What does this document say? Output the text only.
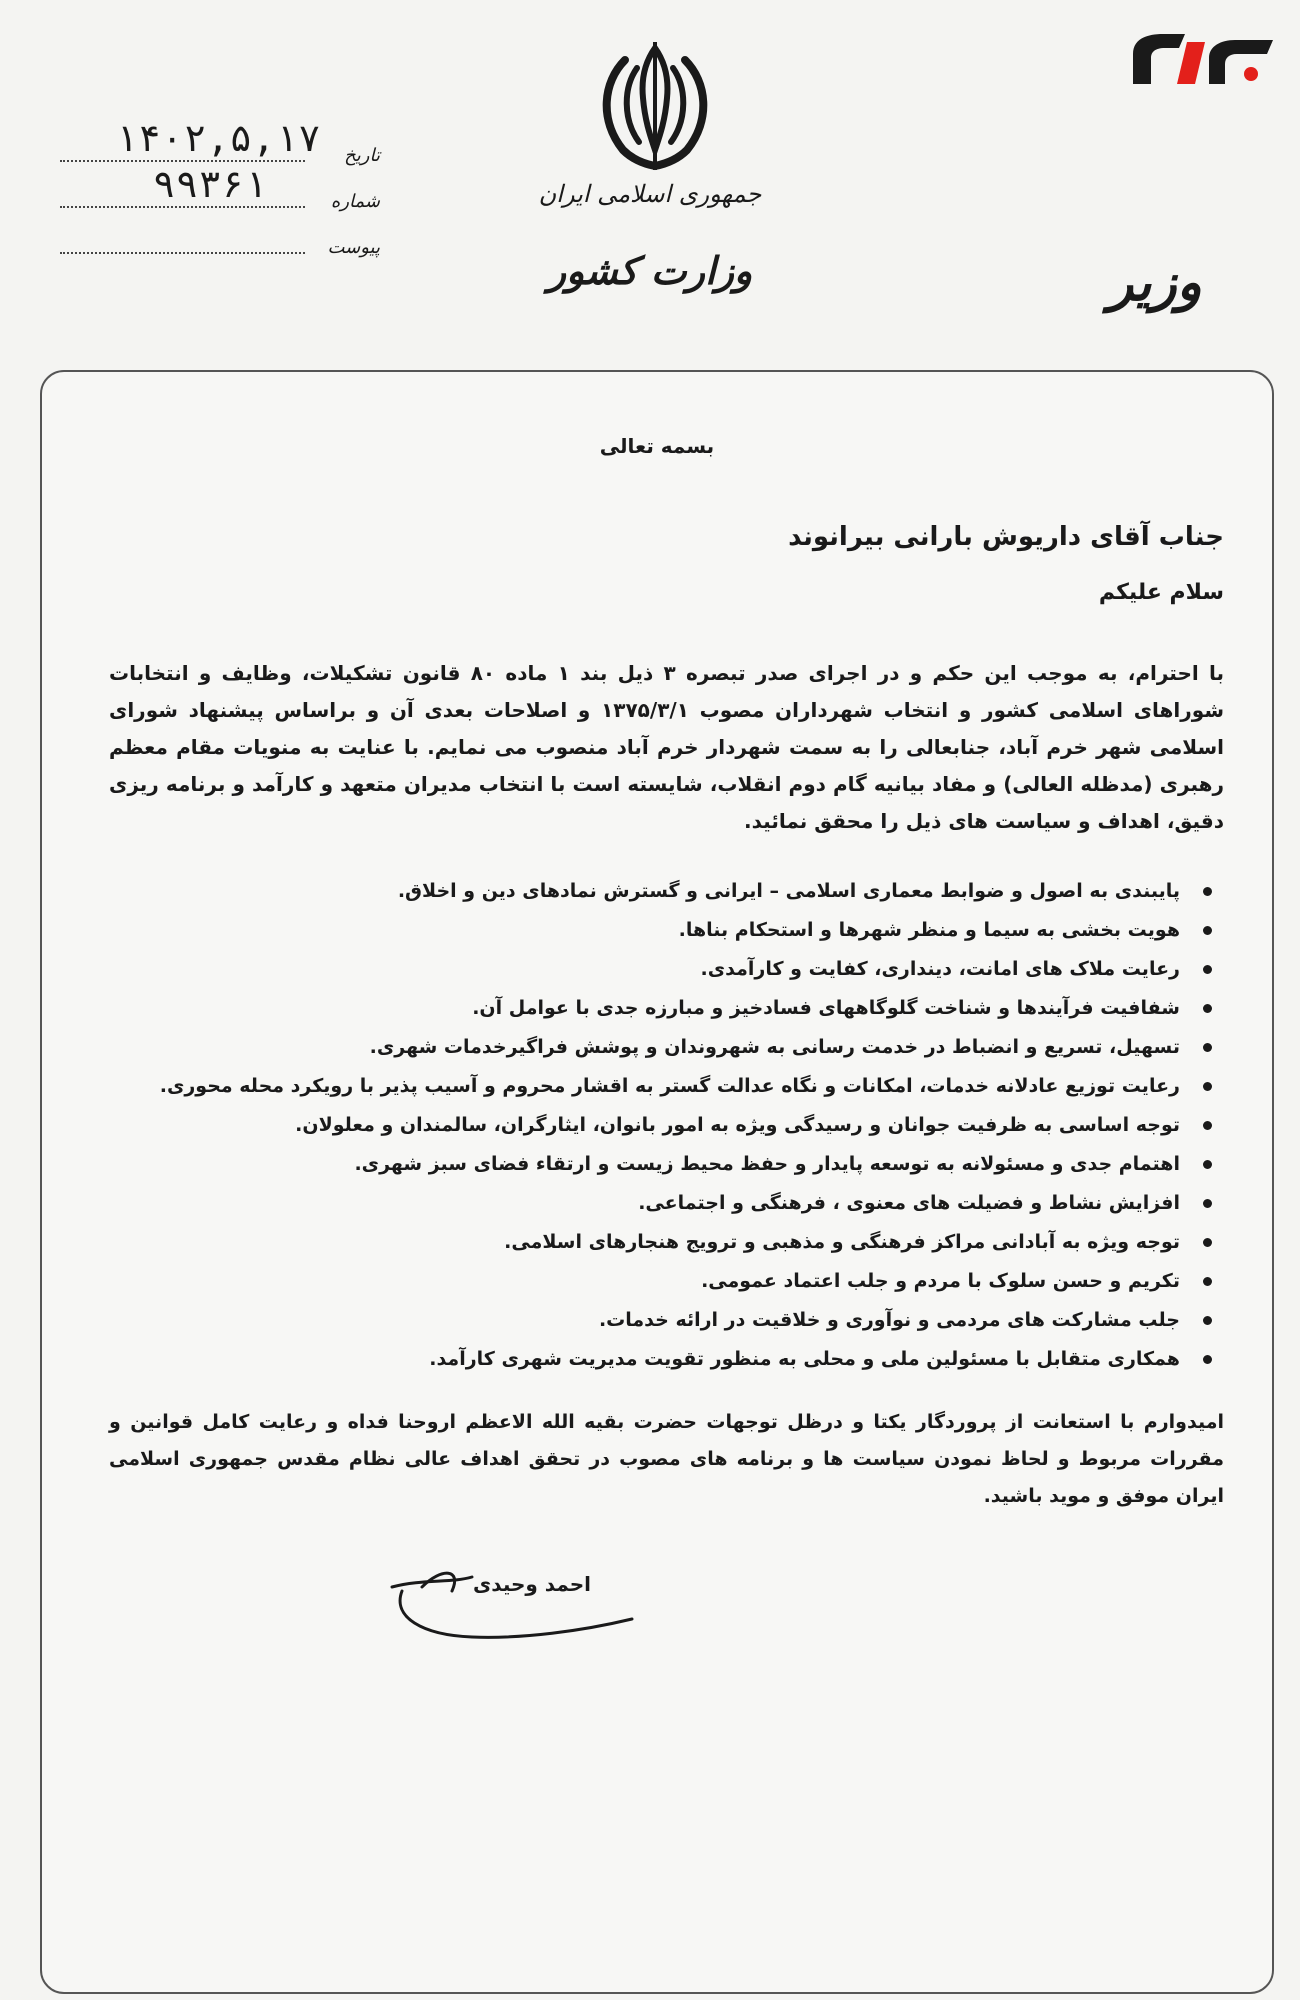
جمهوری اسلامی ایران
وزارت کشور	وزیر
۱۴۰۲,۵,۱۷	تاریخ
۹۹۳۶۱	شماره
پیوست
بسمه تعالی
جناب آقای داریوش بارانی بیرانوند
سلام علیکم
با احترام، به موجب این حکم و در اجرای صدر تبصره ۳ ذیل بند ۱ ماده ۸۰ قانون تشکیلات، وظایف و انتخابات شوراهای اسلامی کشور و انتخاب شهرداران مصوب ۱۳۷۵/۳/۱ و اصلاحات بعدی آن و براساس پیشنهاد شورای اسلامی شهر خرم آباد، جنابعالی را به سمت شهردار خرم آباد منصوب می نمایم. با عنایت به منویات مقام معظم رهبری (مدظله العالی) و مفاد بیانیه گام دوم انقلاب، شایسته است با انتخاب مدیران متعهد و کارآمد و برنامه ریزی دقیق، اهداف و سیاست های ذیل را محقق نمائید.
پایبندی به اصول و ضوابط معماری اسلامی – ایرانی و گسترش نمادهای دین و اخلاق.
هویت بخشی به سیما و منظر شهرها و استحکام بناها.
رعایت ملاک های امانت، دینداری، کفایت و کارآمدی.
شفافیت فرآیندها و شناخت گلوگاههای فسادخیز و مبارزه جدی با عوامل آن.
تسهیل، تسریع و انضباط در خدمت رسانی به شهروندان و پوشش فراگیرخدمات شهری.
رعایت توزیع عادلانه خدمات، امکانات و نگاه عدالت گستر به اقشار محروم و آسیب پذیر با رویکرد محله محوری.
توجه اساسی به ظرفیت جوانان و رسیدگی ویژه به امور بانوان، ایثارگران، سالمندان و معلولان.
اهتمام جدی و مسئولانه به توسعه پایدار و حفظ محیط زیست و ارتقاء فضای سبز شهری.
افزایش نشاط و فضیلت های معنوی ، فرهنگی و اجتماعی.
توجه ویژه به آبادانی مراکز فرهنگی و مذهبی و ترویج هنجارهای اسلامی.
تکریم و حسن سلوک با مردم و جلب اعتماد عمومی.
جلب مشارکت های مردمی و نوآوری و خلاقیت در ارائه خدمات.
همکاری متقابل با مسئولین ملی و محلی به منظور تقویت مدیریت شهری کارآمد.
امیدوارم با استعانت از پروردگار یکتا و درظل توجهات حضرت بقیه الله الاعظم اروحنا فداه و رعایت کامل قوانین و مقررات مربوط و لحاظ نمودن سیاست ها و برنامه های مصوب در تحقق اهداف عالی نظام مقدس جمهوری اسلامی ایران موفق و موید باشید.
احمد وحیدی
